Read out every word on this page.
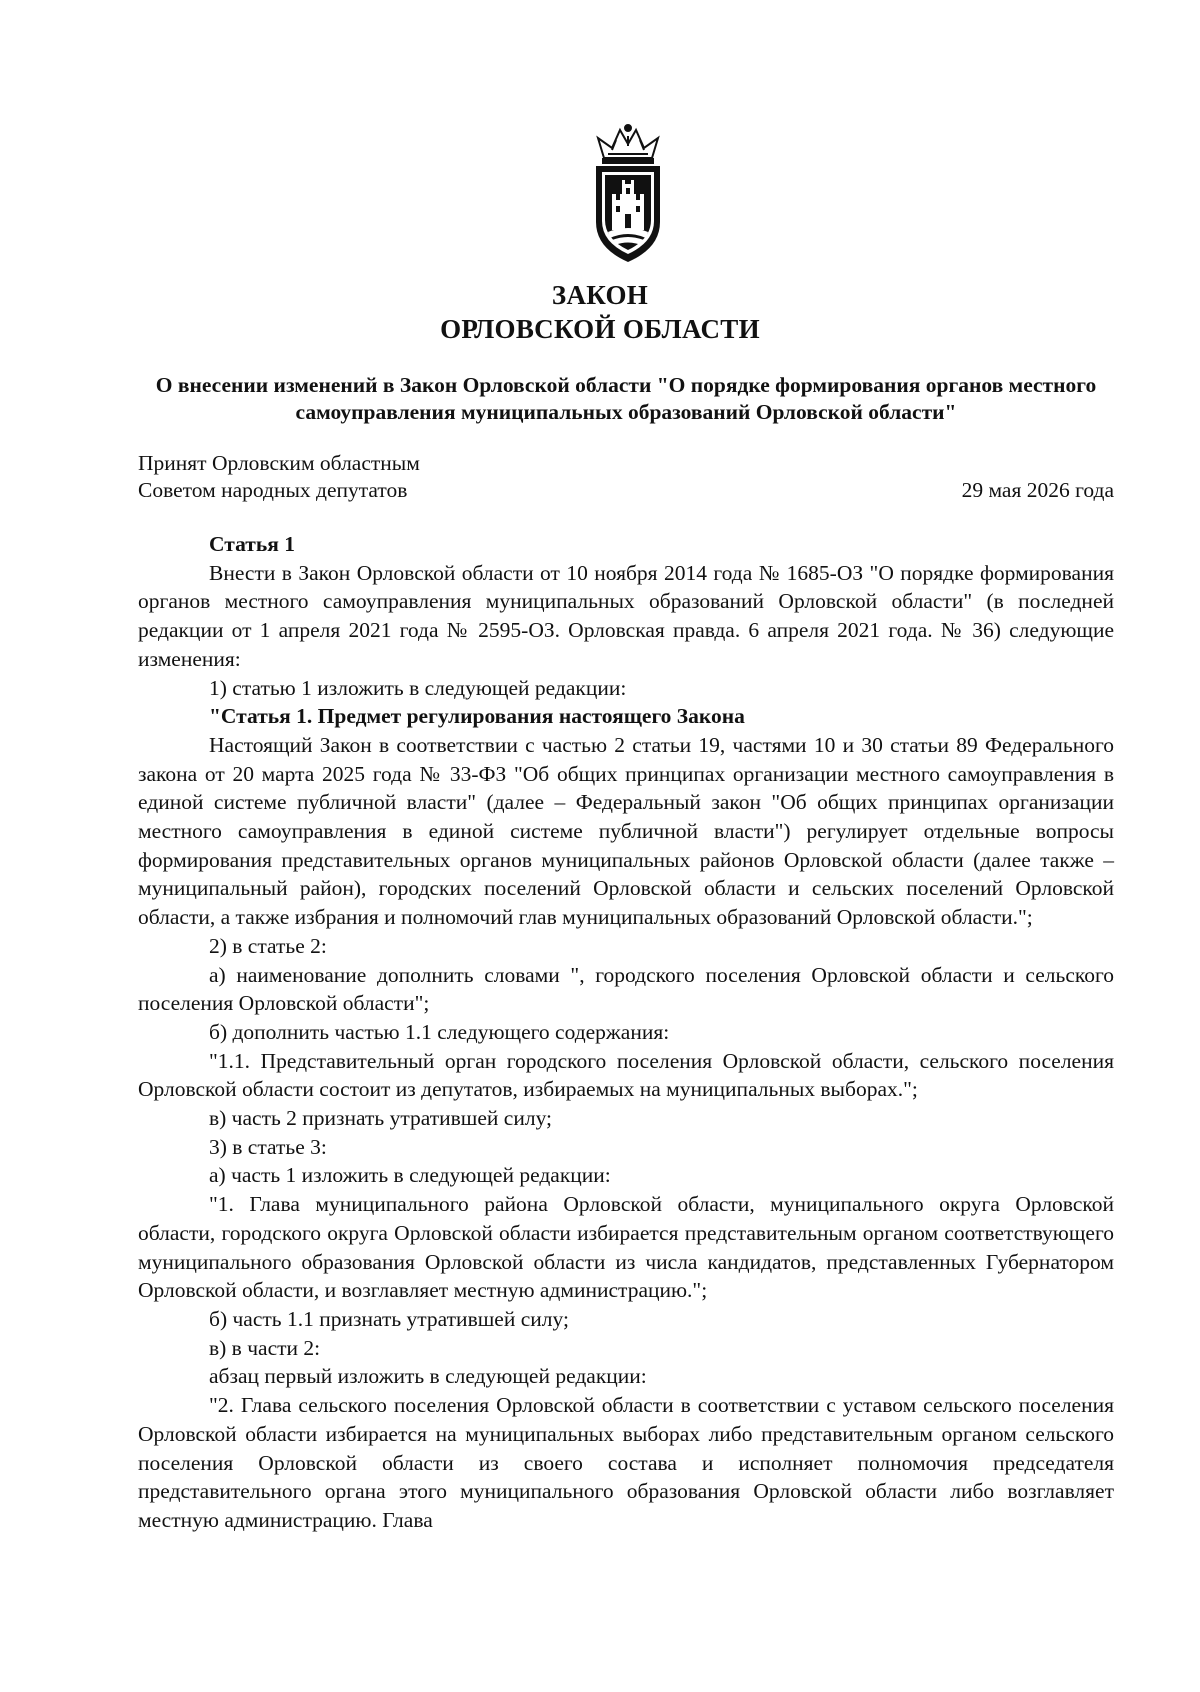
ЗАКОН
ОРЛОВСКОЙ ОБЛАСТИ
О внесении изменений в Закон Орловской области "О порядке формирования органов местного самоуправления муниципальных образований Орловской области"
Принят Орловским областным
Советом народных депутатов	29 мая 2026 года

Статья 1

Внести в Закон Орловской области от 10 ноября 2014 года № 1685-ОЗ "О порядке формирования органов местного самоуправления муниципальных образований Орловской области" (в последней редакции от 1 апреля 2021 года № 2595-ОЗ. Орловская правда. 6 апреля 2021 года. № 36) следующие изменения:

1) статью 1 изложить в следующей редакции:

"Статья 1. Предмет регулирования настоящего Закона

Настоящий Закон в соответствии с частью 2 статьи 19, частями 10 и 30 статьи 89 Федерального закона от 20 марта 2025 года № 33-ФЗ "Об общих принципах организации местного самоуправления в единой системе публичной власти" (далее – Федеральный закон "Об общих принципах организации местного самоуправления в единой системе публичной власти") регулирует отдельные вопросы формирования представительных органов муниципальных районов Орловской области (далее также – муниципальный район), городских поселений Орловской области и сельских поселений Орловской области, а также избрания и полномочий глав муниципальных образований Орловской области.";

2) в статье 2:

а) наименование дополнить словами ", городского поселения Орловской области и сельского поселения Орловской области";

б) дополнить частью 1.1 следующего содержания:

"1.1. Представительный орган городского поселения Орловской области, сельского поселения Орловской области состоит из депутатов, избираемых на муниципальных выборах.";

в) часть 2 признать утратившей силу;

3) в статье 3:

а) часть 1 изложить в следующей редакции:

"1. Глава муниципального района Орловской области, муниципального округа Орловской области, городского округа Орловской области избирается представительным органом соответствующего муниципального образования Орловской области из числа кандидатов, представленных Губернатором Орловской области, и возглавляет местную администрацию.";

б) часть 1.1 признать утратившей силу;

в) в части 2:

абзац первый изложить в следующей редакции:

"2. Глава сельского поселения Орловской области в соответствии с уставом сельского поселения Орловской области избирается на муниципальных выборах либо представительным органом сельского поселения Орловской области из своего состава и исполняет полномочия председателя представительного органа этого муниципального образования Орловской области либо возглавляет местную администрацию. Глава
